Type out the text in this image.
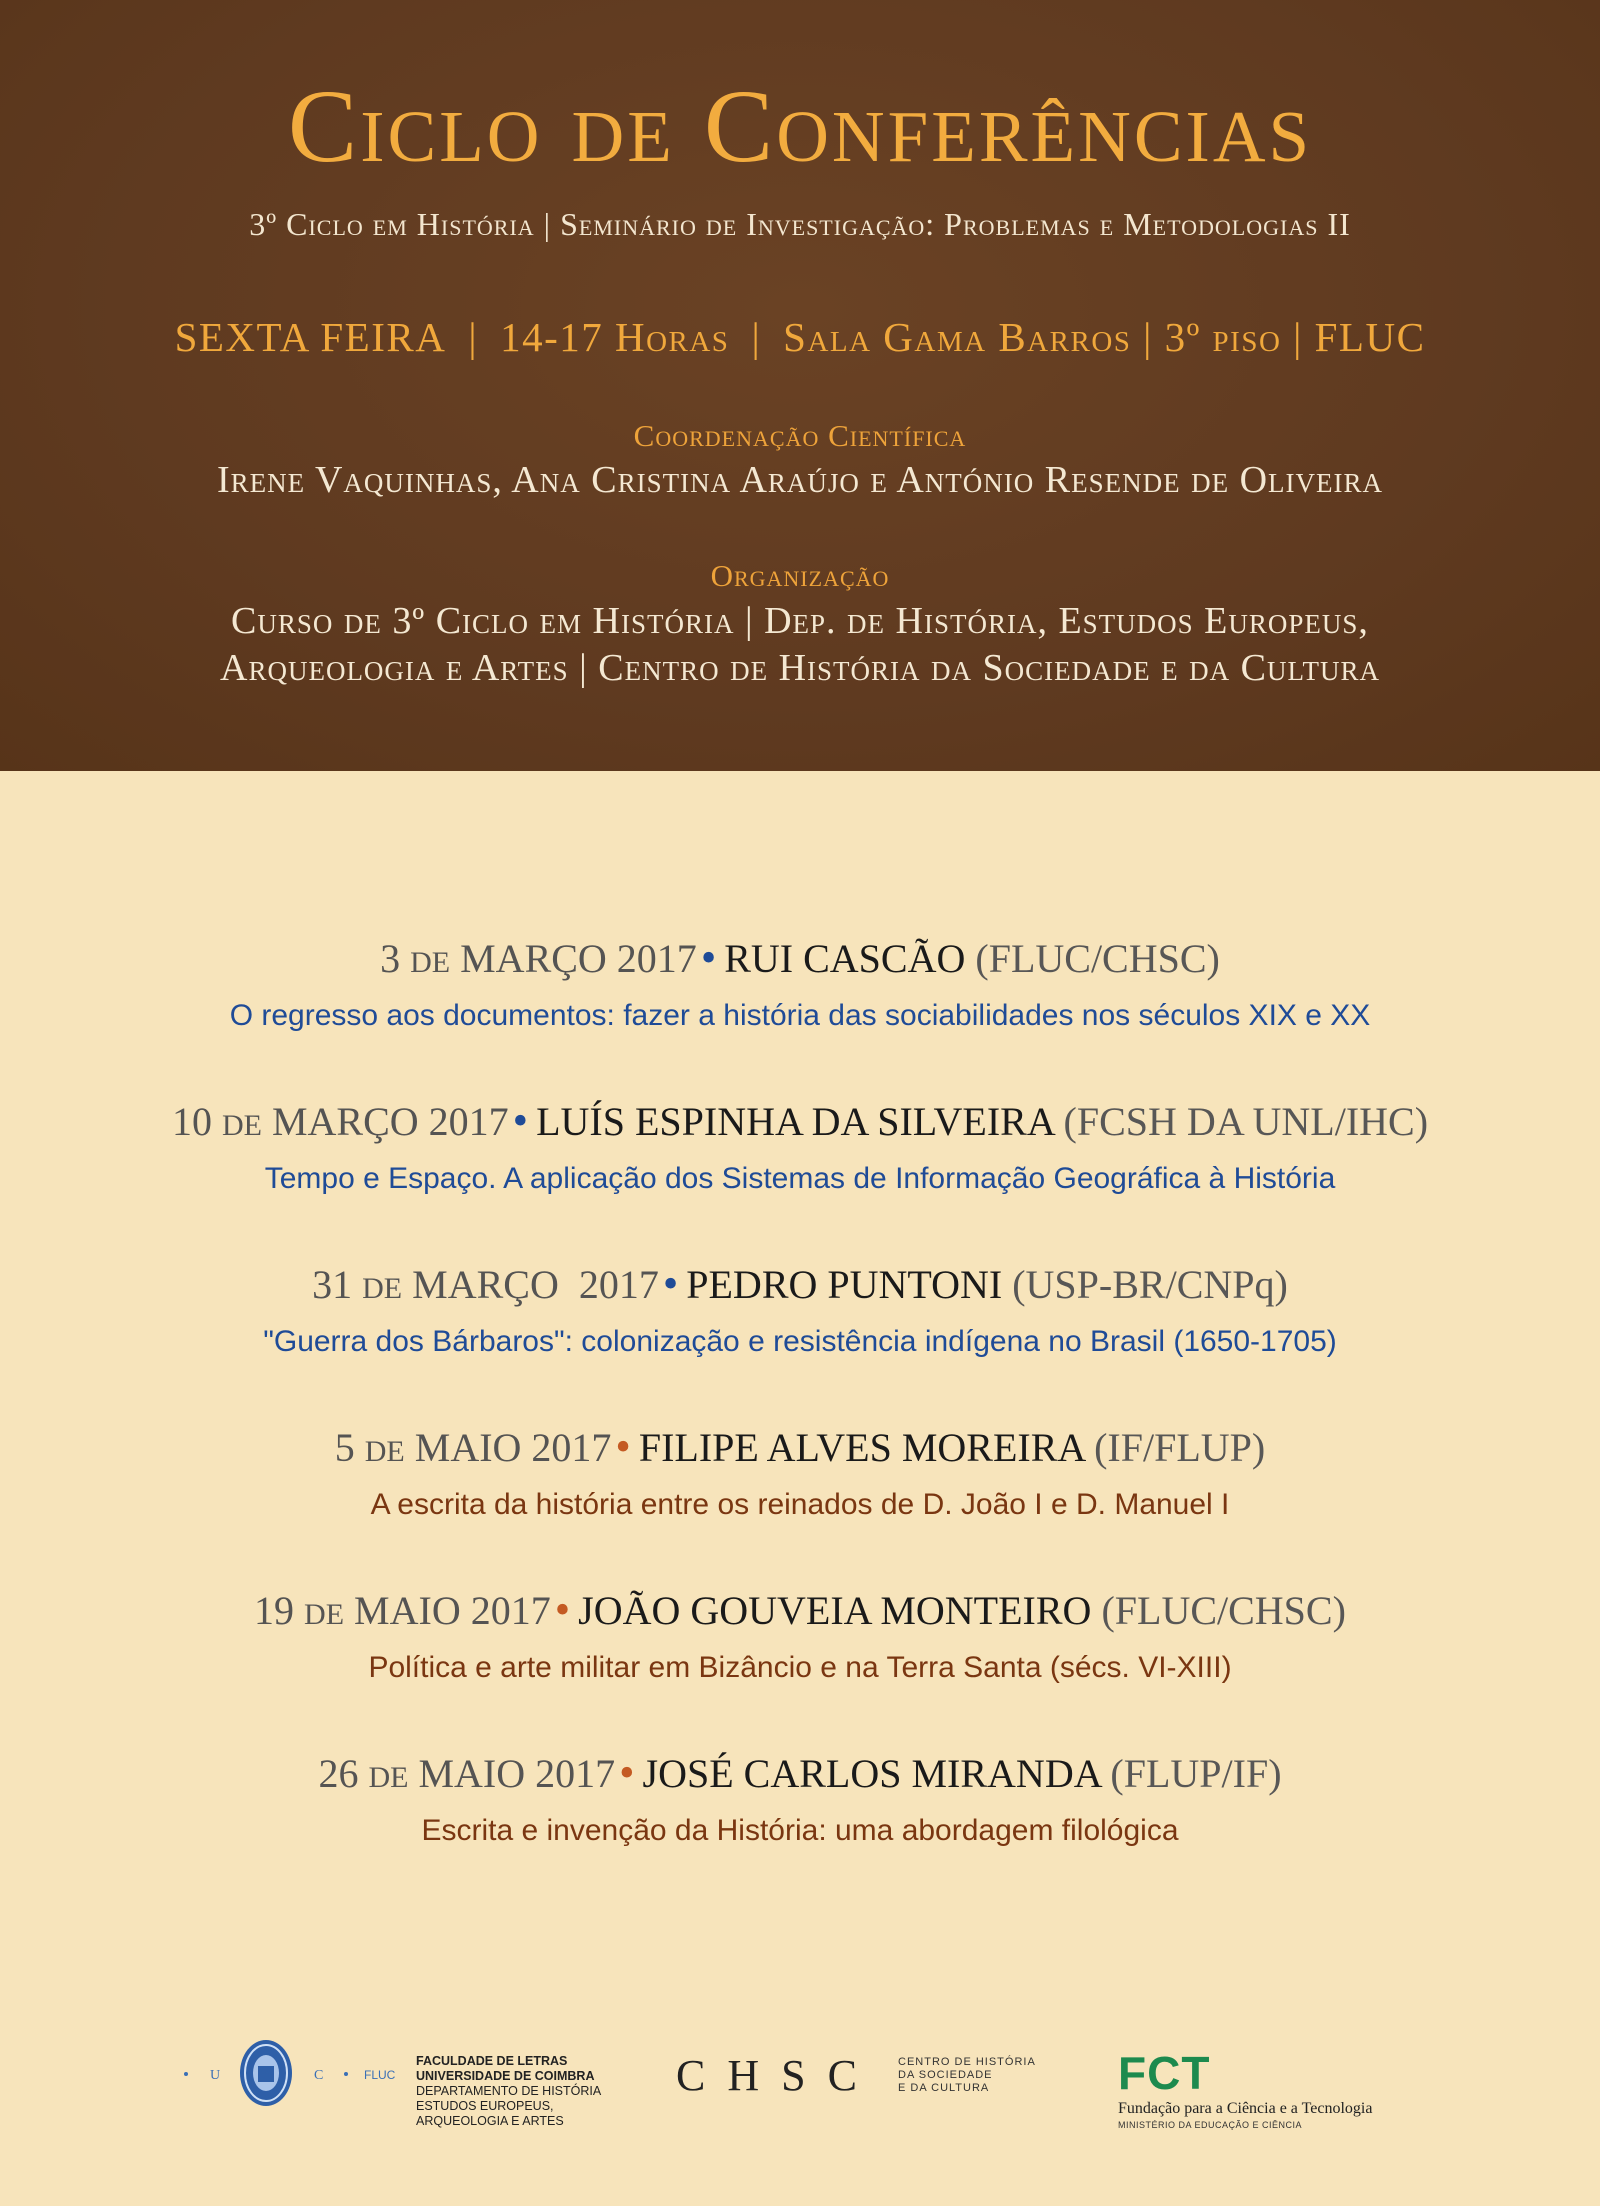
Ciclo de Conferências
3º Ciclo em História | Seminário de Investigação: Problemas e Metodologias II
SEXTA FEIRA | 14-17 Horas | Sala Gama Barros | 3º piso | FLUC
Coordenação Científica
Irene Vaquinhas, Ana Cristina Araújo e António Resende de Oliveira
Organização
Curso de 3º Ciclo em História | Dep. de História, Estudos Europeus,
Arqueologia e Artes | Centro de História da Sociedade e da Cultura
3 DE MARÇO 2017• RUI CASCÃO (FLUC/CHSC)
O regresso aos documentos: fazer a história das sociabilidades nos séculos XIX e XX
10 DE MARÇO 2017• LUÍS ESPINHA DA SILVEIRA (FCSH DA UNL/IHC)
Tempo e Espaço. A aplicação dos Sistemas de Informação Geográfica à História
31 DE MARÇO  2017• PEDRO PUNTONI (USP-BR/CNPq)
"Guerra dos Bárbaros": colonização e resistência indígena no Brasil (1650-1705)
5 DE MAIO 2017• FILIPE ALVES MOREIRA (IF/FLUP)
A escrita da história entre os reinados de D. João I e D. Manuel I
19 DE MAIO 2017• JOÃO GOUVEIA MONTEIRO (FLUC/CHSC)
Política e arte militar em Bizâncio e na Terra Santa (sécs. VI-XIII)
26 DE MAIO 2017• JOSÉ CARLOS MIRANDA (FLUP/IF)
Escrita e invenção da História: uma abordagem filológica
U	C	FLUC
FACULDADE DE LETRAS
UNIVERSIDADE DE COIMBRA
DEPARTAMENTO DE HISTÓRIA
ESTUDOS EUROPEUS,
ARQUEOLOGIA E ARTES
CHSC CENTRO DE HISTÓRIA
DA SOCIEDADE
E DA CULTURA	FCT
Fundação para a Ciência e a Tecnologia
MINISTÉRIO DA EDUCAÇÃO E CIÊNCIA
